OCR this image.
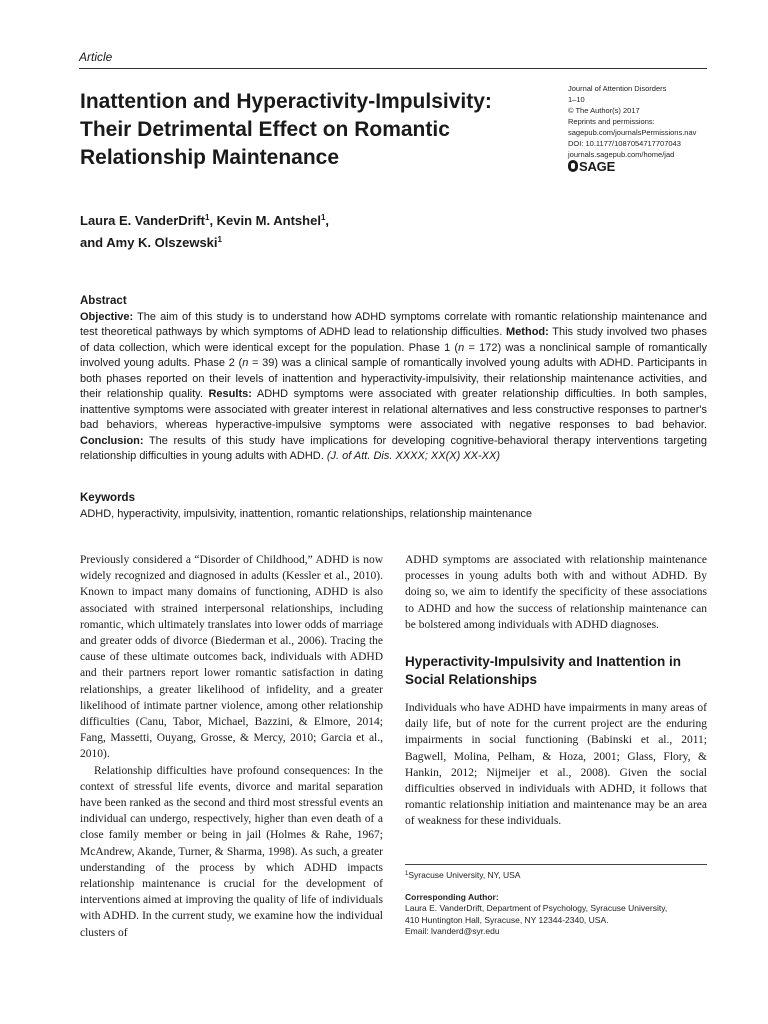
Article
Inattention and Hyperactivity-Impulsivity: Their Detrimental Effect on Romantic Relationship Maintenance
Journal of Attention Disorders
1–10
© The Author(s) 2017
Reprints and permissions:
sagepub.com/journalsPermissions.nav
DOI: 10.1177/1087054717707043
journals.sagepub.com/home/jad
SAGE
Laura E. VanderDrift$^1$, Kevin M. Antshel$^1$,
and Amy K. Olszewski$^1$
Abstract
Objective: The aim of this study is to understand how ADHD symptoms correlate with romantic relationship maintenance and test theoretical pathways by which symptoms of ADHD lead to relationship difficulties. Method: This study involved two phases of data collection, which were identical except for the population. Phase 1 (n = 172) was a nonclinical sample of romantically involved young adults. Phase 2 (n = 39) was a clinical sample of romantically involved young adults with ADHD. Participants in both phases reported on their levels of inattention and hyperactivity-impulsivity, their relationship maintenance activities, and their relationship quality. Results: ADHD symptoms were associated with greater relationship difficulties. In both samples, inattentive symptoms were associated with greater interest in relational alternatives and less constructive responses to partner's bad behaviors, whereas hyperactive-impulsive symptoms were associated with negative responses to bad behavior. Conclusion: The results of this study have implications for developing cognitive-behavioral therapy interventions targeting relationship difficulties in young adults with ADHD. (J. of Att. Dis. XXXX; XX(X) XX-XX)
Keywords
ADHD, hyperactivity, impulsivity, inattention, romantic relationships, relationship maintenance

Previously considered a “Disorder of Childhood,” ADHD is now widely recognized and diagnosed in adults (Kessler et al., 2010). Known to impact many domains of functioning, ADHD is also associated with strained interpersonal relationships, including romantic, which ultimately translates into lower odds of marriage and greater odds of divorce (Biederman et al., 2006). Tracing the cause of these ultimate outcomes back, individuals with ADHD and their partners report lower romantic satisfaction in dating relationships, a greater likelihood of infidelity, and a greater likelihood of intimate partner violence, among other relationship difficulties (Canu, Tabor, Michael, Bazzini, & Elmore, 2014; Fang, Massetti, Ouyang, Grosse, & Mercy, 2010; Garcia et al., 2010).

Relationship difficulties have profound consequences: In the context of stressful life events, divorce and marital separation have been ranked as the second and third most stressful events an individual can undergo, respectively, higher than even death of a close family member or being in jail (Holmes & Rahe, 1967; McAndrew, Akande, Turner, & Sharma, 1998). As such, a greater understanding of the process by which ADHD impacts relationship maintenance is crucial for the development of interventions aimed at improving the quality of life of individuals with ADHD. In the current study, we examine how the individual clusters of

ADHD symptoms are associated with relationship maintenance processes in young adults both with and without ADHD. By doing so, we aim to identify the specificity of these associations to ADHD and how the success of relationship maintenance can be bolstered among individuals with ADHD diagnoses.

Hyperactivity-Impulsivity and Inattention in Social Relationships

Individuals who have ADHD have impairments in many areas of daily life, but of note for the current project are the enduring impairments in social functioning (Babinski et al., 2011; Bagwell, Molina, Pelham, & Hoza, 2001; Glass, Flory, & Hankin, 2012; Nijmeijer et al., 2008). Given the social difficulties observed in individuals with ADHD, it follows that romantic relationship initiation and maintenance may be an area of weakness for these individuals.

$^1$Syracuse University, NY, USA
Corresponding Author:
Laura E. VanderDrift, Department of Psychology, Syracuse University,
410 Huntington Hall, Syracuse, NY 12344-2340, USA.
Email: lvanderd@syr.edu
